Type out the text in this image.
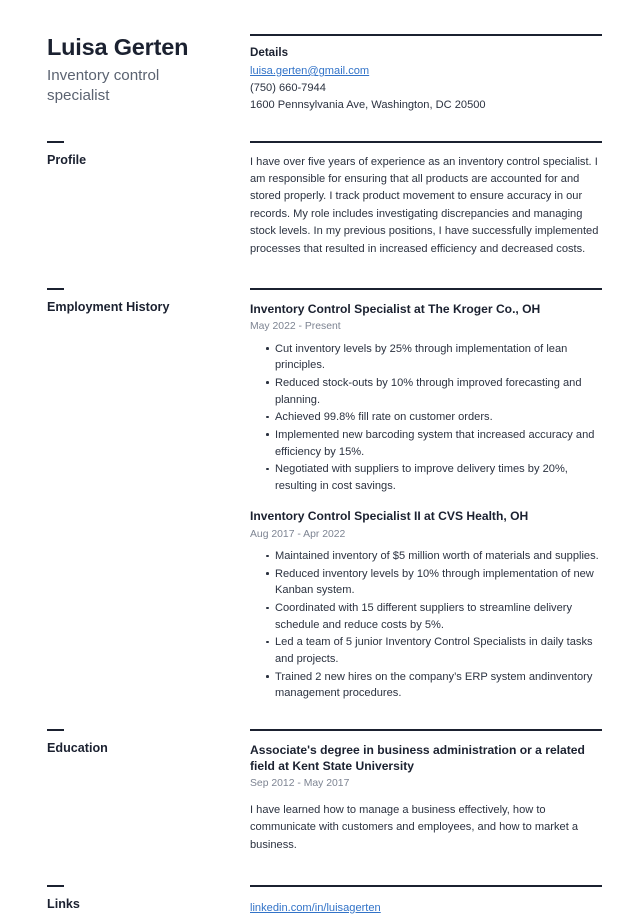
Luisa Gerten
Inventory control specialist
Details
luisa.gerten@gmail.com
(750) 660-7944
1600 Pennsylvania Ave, Washington, DC 20500
Profile	I have over five years of experience as an inventory control specialist. I am responsible for ensuring that all products are accounted for and stored properly. I track product movement to ensure accuracy in our records. My role includes investigating discrepancies and managing stock levels. In my previous positions, I have successfully implemented processes that resulted in increased efficiency and decreased costs.

Employment History	Inventory Control Specialist at The Kroger Co., OH
May 2022 - Present
Cut inventory levels by 25% through implementation of lean principles.
Reduced stock-outs by 10% through improved forecasting and planning.
Achieved 99.8% fill rate on customer orders.
Implemented new barcoding system that increased accuracy and efficiency by 15%.
Negotiated with suppliers to improve delivery times by 20%, resulting in cost savings.
Inventory Control Specialist II at CVS Health, OH
Aug 2017 - Apr 2022
Maintained inventory of $5 million worth of materials and supplies.
Reduced inventory levels by 10% through implementation of new Kanban system.
Coordinated with 15 different suppliers to streamline delivery schedule and reduce costs by 5%.
Led a team of 5 junior Inventory Control Specialists in daily tasks and projects.
Trained 2 new hires on the company’s ERP system andinventory management procedures.
Education	Associate's degree in business administration or a related field at Kent State University
Sep 2012 - May 2017

I have learned how to manage a business effectively, how to communicate with customers and employees, and how to market a business.

Links	linkedin.com/in/luisagerten
